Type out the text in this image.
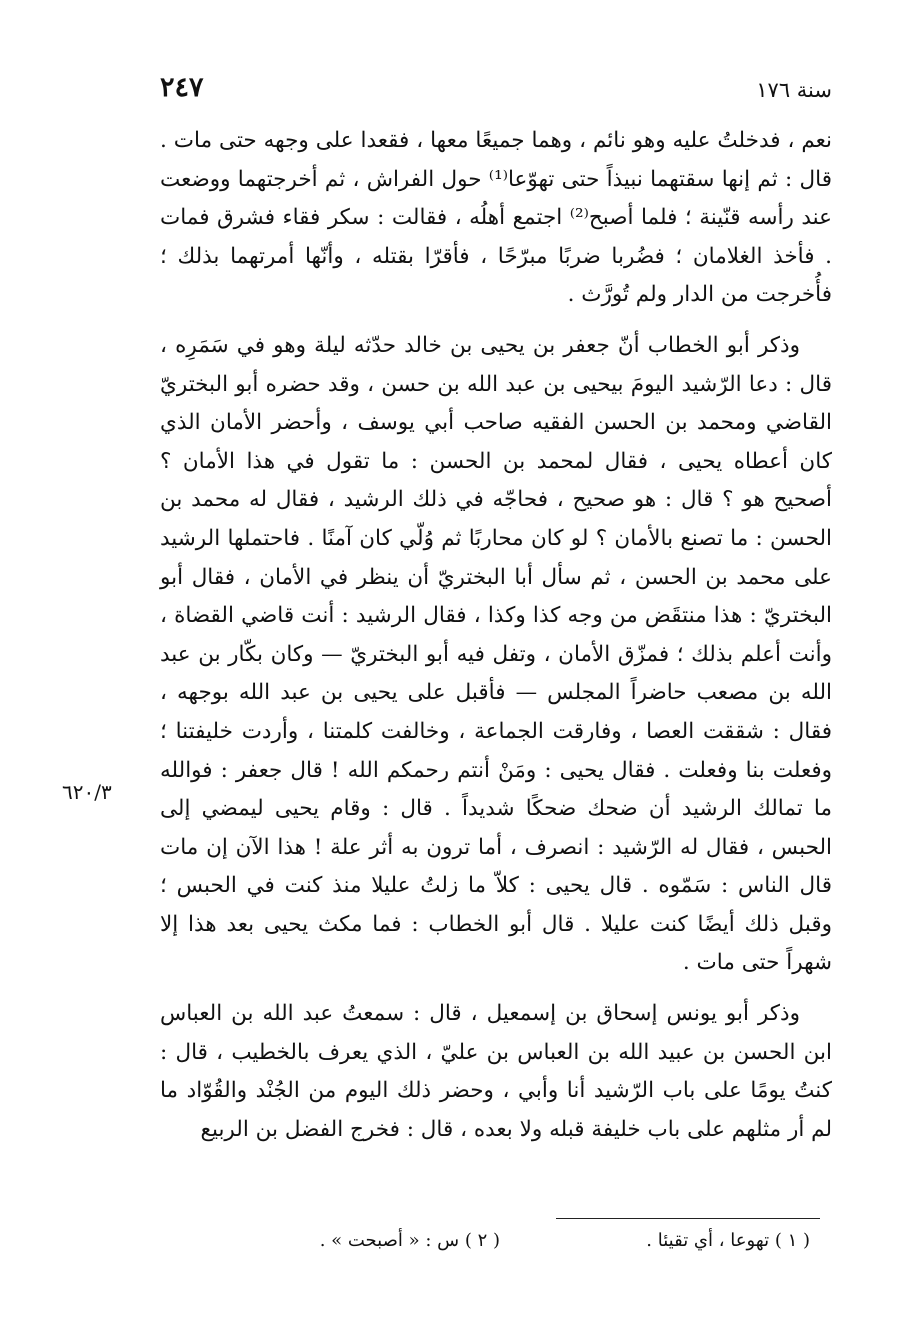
سنة ١٧٦
٢٤٧

نعم ، فدخلتُ عليه وهو نائم ، وهما جميعًا معها ، فقعدا على وجهه حتى مات . قال : ثم إنها سقتهما نبيذاً حتى تهوّعا⁽¹⁾ حول الفراش ، ثم أخرجتهما ووضعت عند رأسه قنّينة ؛ فلما أصبح⁽²⁾ اجتمع أهلُه ، فقالت : سكر فقاء فشرق فمات . فأخذ الغلامان ؛ فضُربا ضربًا مبرّحًا ، فأقرّا بقتله ، وأنّها أمرتهما بذلك ؛ فأُخرجت من الدار ولم تُورَّث .

وذكر أبو الخطاب أنّ جعفر بن يحيى بن خالد حدّثه ليلة وهو في سَمَرِه ، قال : دعا الرّشيد اليومَ بيحيى بن عبد الله بن حسن ، وقد حضره أبو البختريّ القاضي ومحمد بن الحسن الفقيه صاحب أبي يوسف ، وأحضر الأمان الذي كان أعطاه يحيى ، فقال لمحمد بن الحسن : ما تقول في هذا الأمان ؟ أصحيح هو ؟ قال : هو صحيح ، فحاجّه في ذلك الرشيد ، فقال له محمد بن الحسن : ما تصنع بالأمان ؟ لو كان محاربًا ثم وُلّي كان آمنًا . فاحتملها الرشيد على محمد بن الحسن ، ثم سأل أبا البختريّ أن ينظر في الأمان ، فقال أبو البختريّ : هذا منتقَض من وجه كذا وكذا ، فقال الرشيد : أنت قاضي القضاة ، وأنت أعلم بذلك ؛ فمزّق الأمان ، وتفل فيه أبو البختريّ — وكان بكّار بن عبد الله بن مصعب حاضراً المجلس — فأقبل على يحيى بن عبد الله بوجهه ، فقال : شققت العصا ، وفارقت الجماعة ، وخالفت كلمتنا ، وأردت خليفتنا ؛ وفعلت بنا وفعلت . فقال يحيى : ومَنْ أنتم رحمكم الله ! قال جعفر : فوالله ما تمالك الرشيد أن ضحك ضحكًا شديداً . قال : وقام يحيى ليمضي إلى الحبس ، فقال له الرّشيد : انصرف ، أما ترون به أثر علة ! هذا الآن إن مات قال الناس : سَمّوه . قال يحيى : كلاّ ما زلتُ عليلا منذ كنت في الحبس ؛ وقبل ذلك أيضًا كنت عليلا . قال أبو الخطاب : فما مكث يحيى بعد هذا إلا شهراً حتى مات .

وذكر أبو يونس إسحاق بن إسمعيل ، قال : سمعتُ عبد الله بن العباس ابن الحسن بن عبيد الله بن العباس بن عليّ ، الذي يعرف بالخطيب ، قال : كنتُ يومًا على باب الرّشيد أنا وأبي ، وحضر ذلك اليوم من الجُنْد والقُوّاد ما لم أر مثلهم على باب خليفة قبله ولا بعده ، قال : فخرج الفضل بن الربيع

٦٢٠/٣
( ١ ) تهوعا ، أي تقيئا .
( ٢ ) س : « أصبحت » .
